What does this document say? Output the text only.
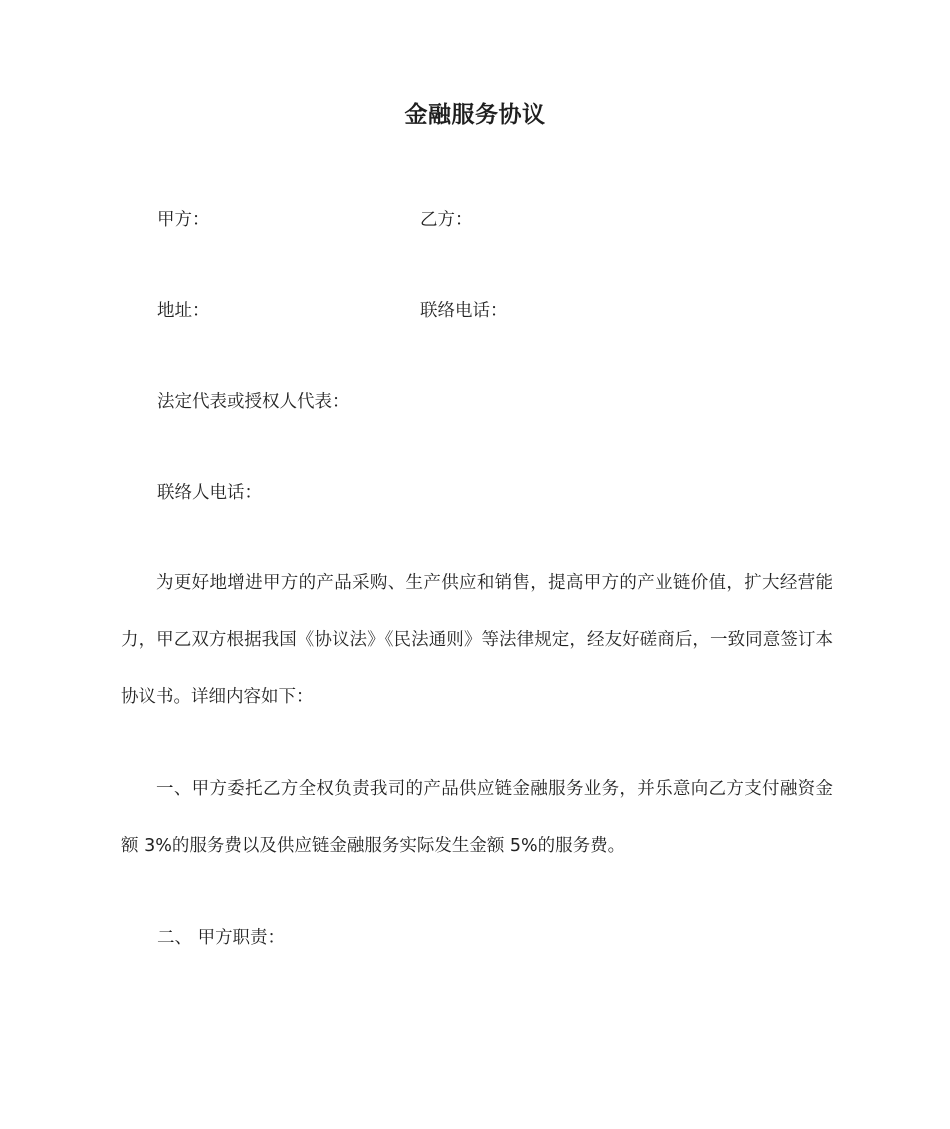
金融服务协议
甲方：	乙方：
地址：	联络电话：
法定代表或授权人代表：
联络人电话：
为更好地增进甲方的产品采购、生产供应和销售，提高甲方的产业链价值，扩大经营能力，甲乙双方根据我国《协议法》《民法通则》等法律规定，经友好磋商后，一致同意签订本协议书。详细内容如下：
一、甲方委托乙方全权负责我司的产品供应链金融服务业务，并乐意向乙方支付融资金额 3%的服务费以及供应链金融服务实际发生金额 5%的服务费。
二、 甲方职责：
